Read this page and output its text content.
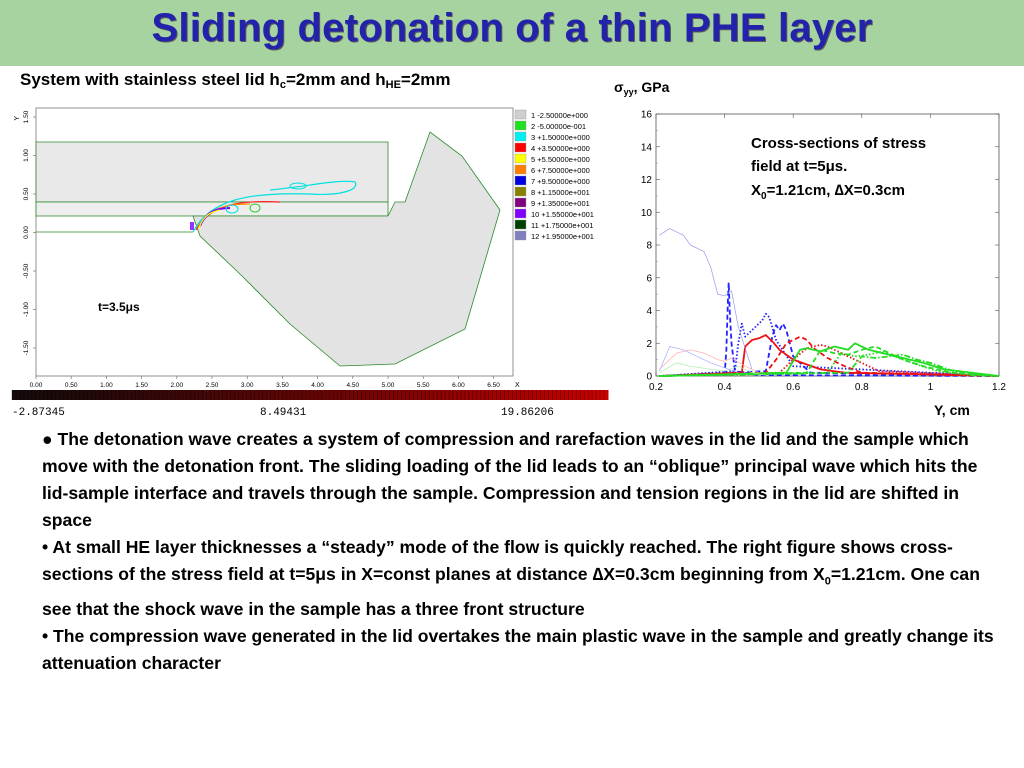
Sliding detonation of a thin PHE layer
System with stainless steel lid $h_c=2mm$ and $h_{HE}=2mm$
0.00	0.50	1.00	1.50	2.00	2.50	3.00	3.50	4.00	4.50	5.00	5.50	6.00	6.50
1.50
1.00
0.50
0.00
-0.50
-1.00
-1.50
Y
X
t=3.5μs
1 -2.50000e+000
2 -5.00000e-001
3 +1.50000e+000
4 +3.50000e+000
5 +5.50000e+000
6 +7.50000e+000
7 +9.50000e+000
8 +1.15000e+001
9 +1.35000e+001
10 +1.55000e+001
11 +1.75000e+001
12 +1.95000e+001
-2.87345	8.49431	19.86206
$\sigma_{yy}$, GPa
0.2	0.4	0.6	0.8	1	1.2
0
2
4
6
8
10
12
14
16
Cross-sections of stress
field at t=5μs.
$X_0=1.21cm$, ∆X=0.3cm
Y, cm

● The detonation wave creates a system of compression and rarefaction waves in the lid and the sample which move with the detonation front. The sliding loading of the lid leads to an “oblique” principal wave which hits the lid-sample interface and travels through the sample. Compression and tension regions in the lid are shifted in space

• At small HE layer thicknesses a “steady” mode of the flow is quickly reached. The right figure shows cross-sections of the stress field at t=5μs in X=const planes at distance ∆X=0.3cm beginning from $X_0=1.21cm$. One can see that the shock wave in the sample has a three front structure

• The compression wave generated in the lid overtakes the main plastic wave in the sample and greatly change its attenuation character
